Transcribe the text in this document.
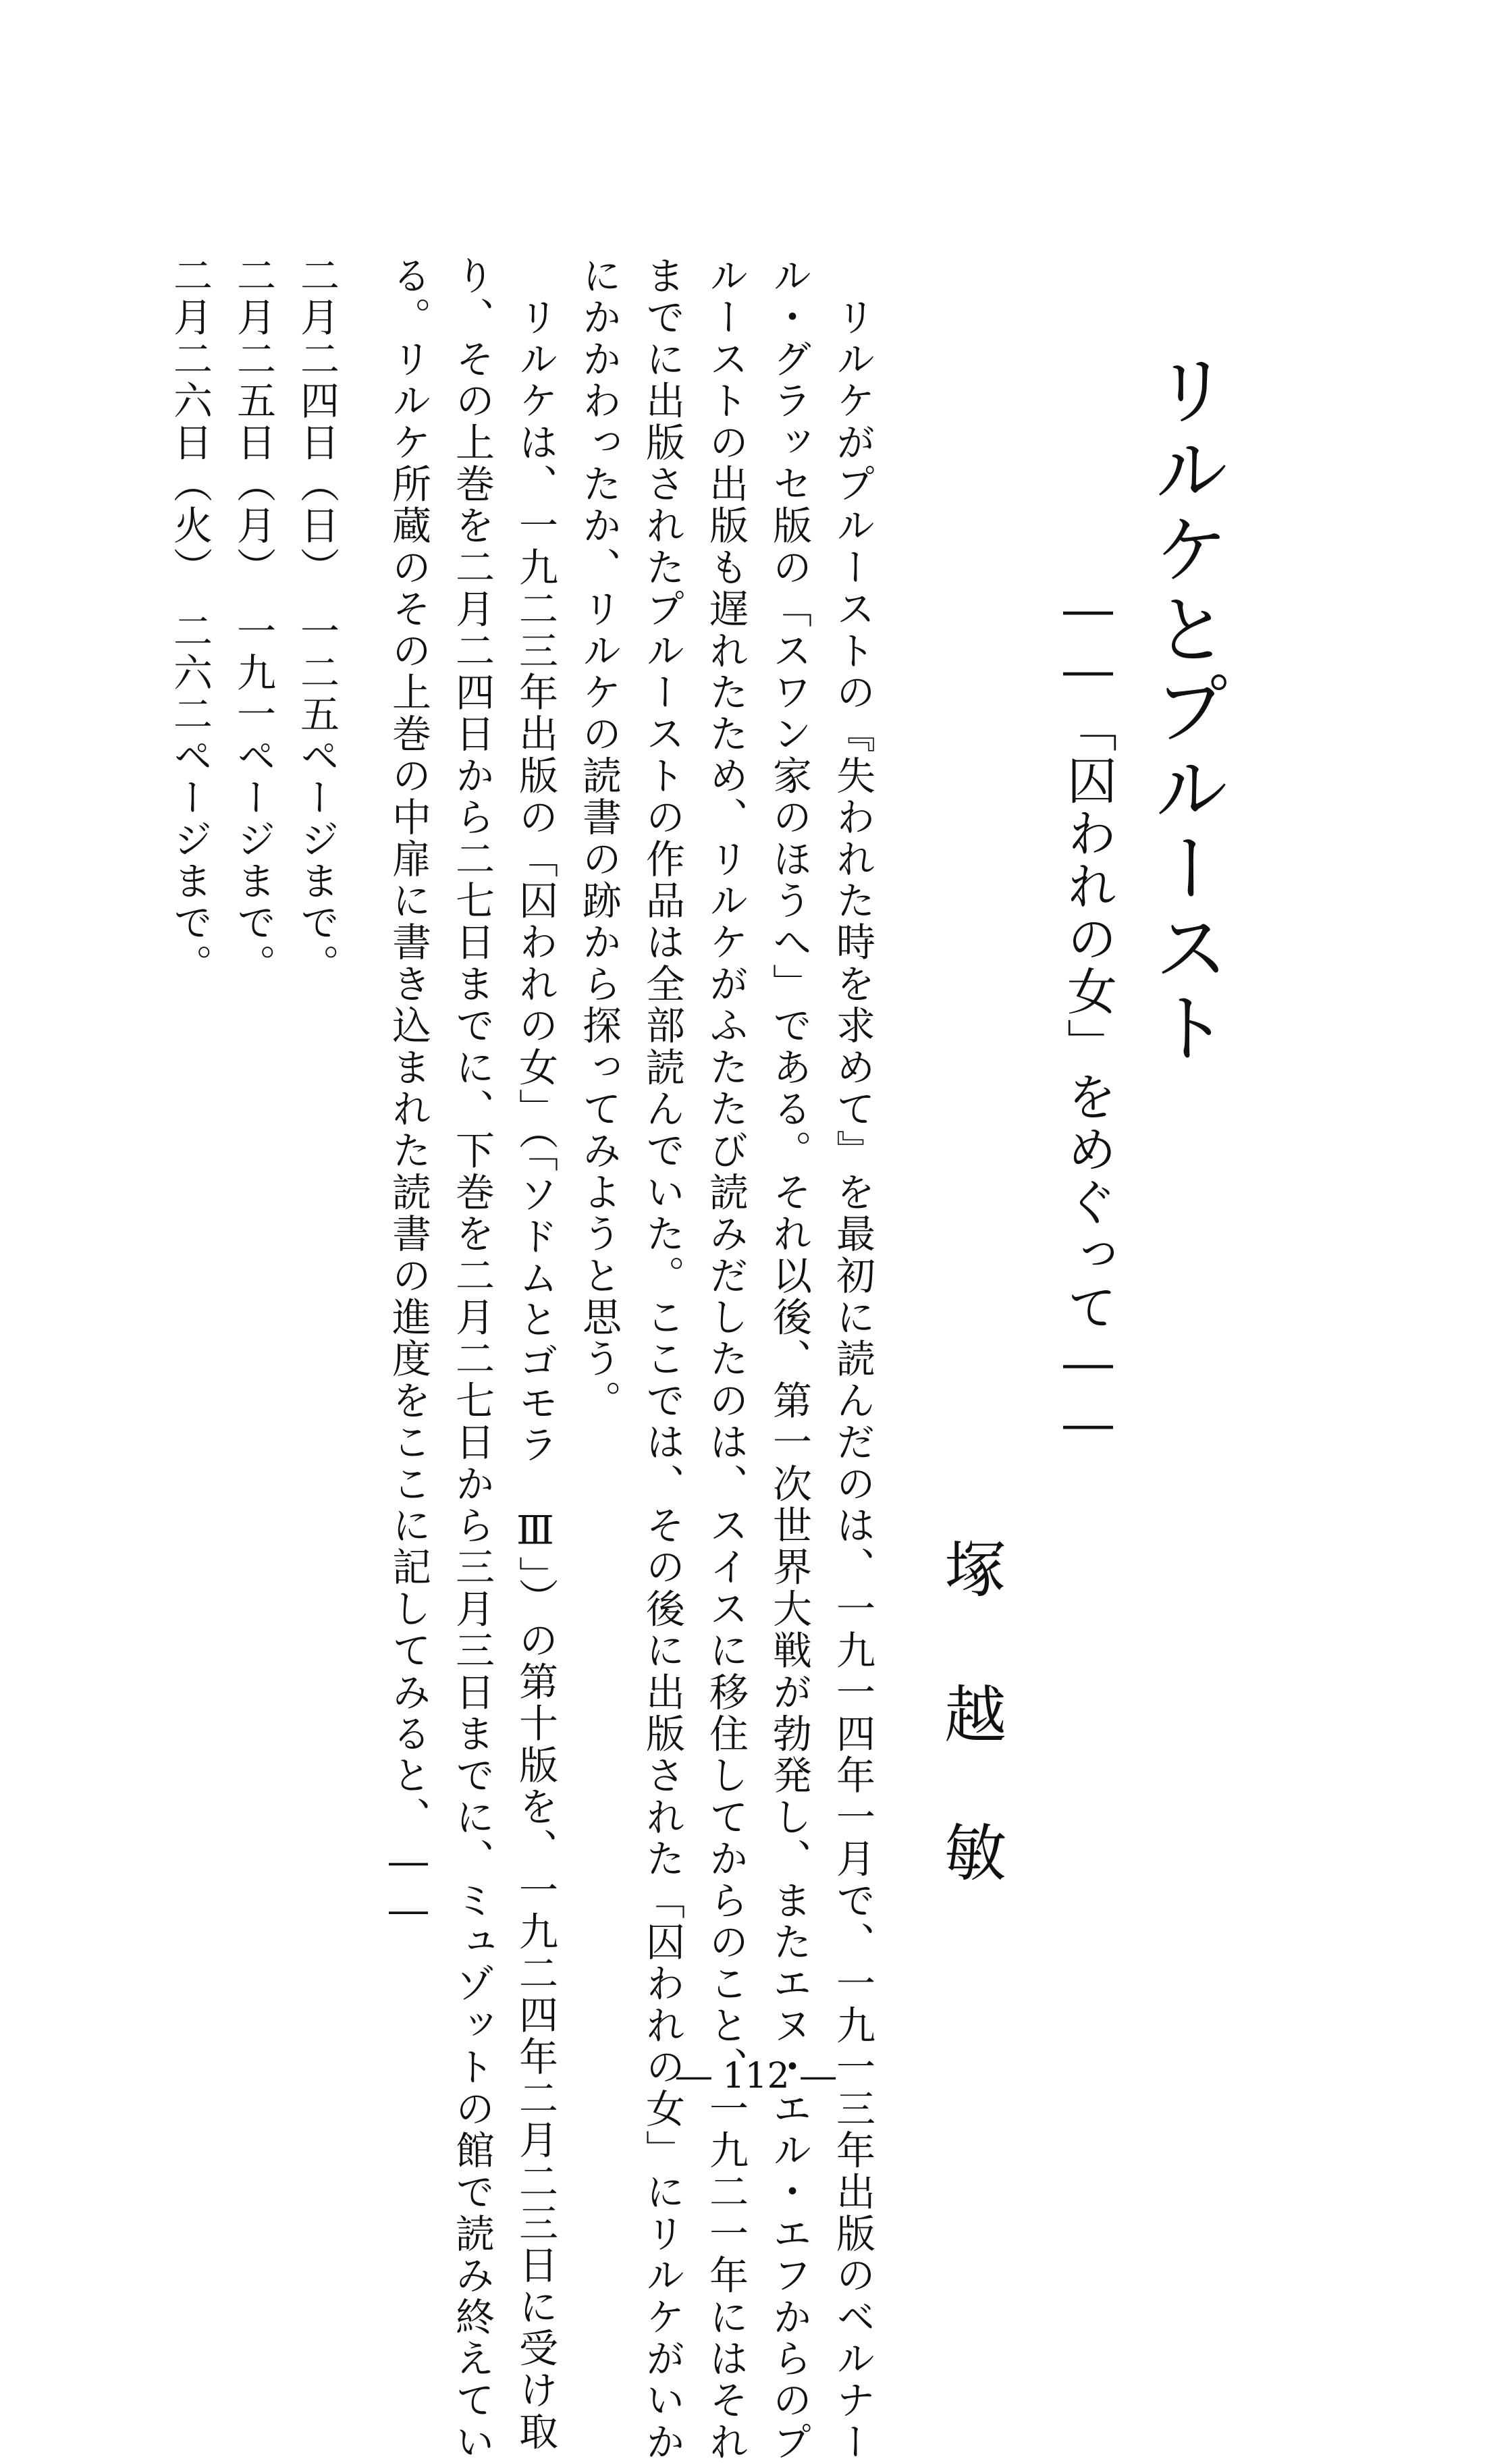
リルケとプルースト
――「囚われの女」をめぐって――
塚
越
敏
　リルケがプルーストの『失われた時を求めて』を最初に読んだのは、一九一四年一月で、一九一三年出版のベルナー
ル・グラッセ版の「スワン家のほうへ」である。それ以後、第一次世界大戦が勃発し、またエヌ・エル・エフからのプ
ルーストの出版も遅れたため、リルケがふたたび読みだしたのは、スイスに移住してからのこと、一九二一年にはそれ
までに出版されたプルーストの作品は全部読んでいた。ここでは、その後に出版された「囚われの女」にリルケがいか
にかかわったか、リルケの読書の跡から探ってみようと思う。
　リルケは、一九二三年出版の「囚われの女」（「ソドムとゴモラ　Ⅲ」）の第十版を、一九二四年二月二三日に受け取
り、その上巻を二月二四日から二七日までに、下巻を二月二七日から三月三日までに、ミュゾットの館で読み終えてい
る。リルケ所蔵のその上巻の中扉に書き込まれた読書の進度をここに記してみると、――
二月二四日（日）　一二五ページまで。
二月二五日（月）　一九一ページまで。
二月二六日（火）　二六二ページまで。
― 112 ―
